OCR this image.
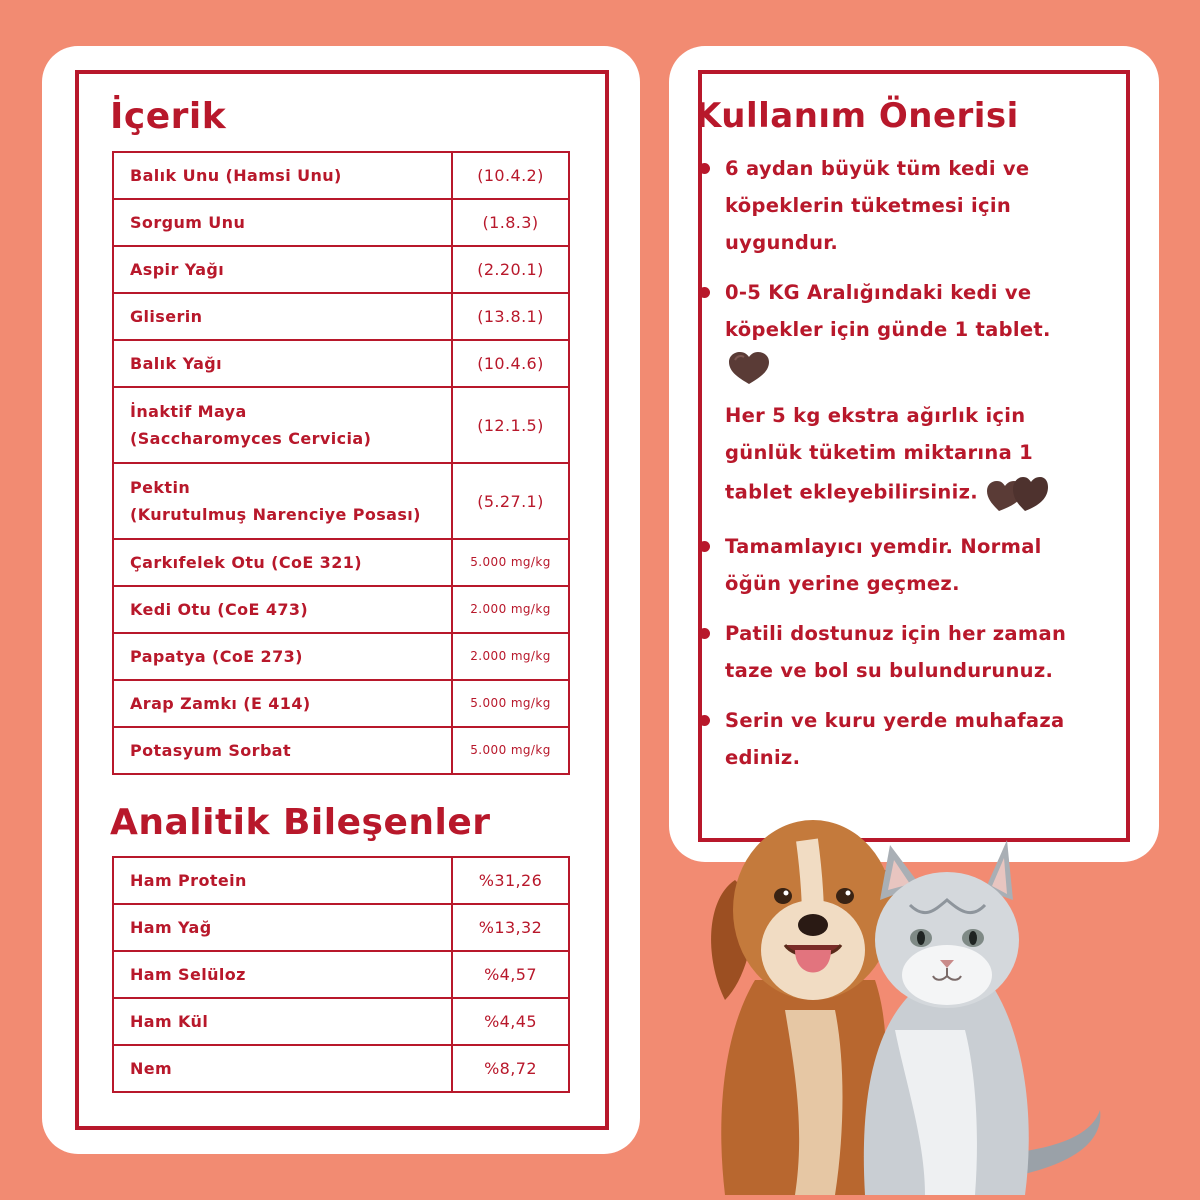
İçerik
Balık Unu (Hamsi Unu)	(10.4.2)
Sorgum Unu	(1.8.3)
Aspir Yağı	(2.20.1)
Gliserin	(13.8.1)
Balık Yağı	(10.4.6)

İnaktif Maya
(Saccharomyces Cervicia)	(12.1.5)

Pektin
(Kurutulmuş Narenciye Posası)	(5.27.1)
Çarkıfelek Otu (CoE 321)	5.000 mg/kg
Kedi Otu (CoE 473)	2.000 mg/kg
Papatya (CoE 273)	2.000 mg/kg
Arap Zamkı (E 414)	5.000 mg/kg
Potasyum Sorbat	5.000 mg/kg
Analitik Bileşenler
Ham Protein	%31,26
Ham Yağ	%13,32
Ham Selüloz	%4,57
Ham Kül	%4,45
Nem	%8,72
Kullanım Önerisi
6 aydan büyük tüm kedi ve köpeklerin tüketmesi için uygundur.
0-5 KG Aralığındaki kedi ve köpekler için günde 1 tablet.
Her 5 kg ekstra ağırlık için günlük tüketim miktarına 1 tablet ekleyebilirsiniz.
Tamamlayıcı yemdir. Normal öğün yerine geçmez.
Patili dostunuz için her zaman taze ve bol su bulundurunuz.
Serin ve kuru yerde muhafaza ediniz.
